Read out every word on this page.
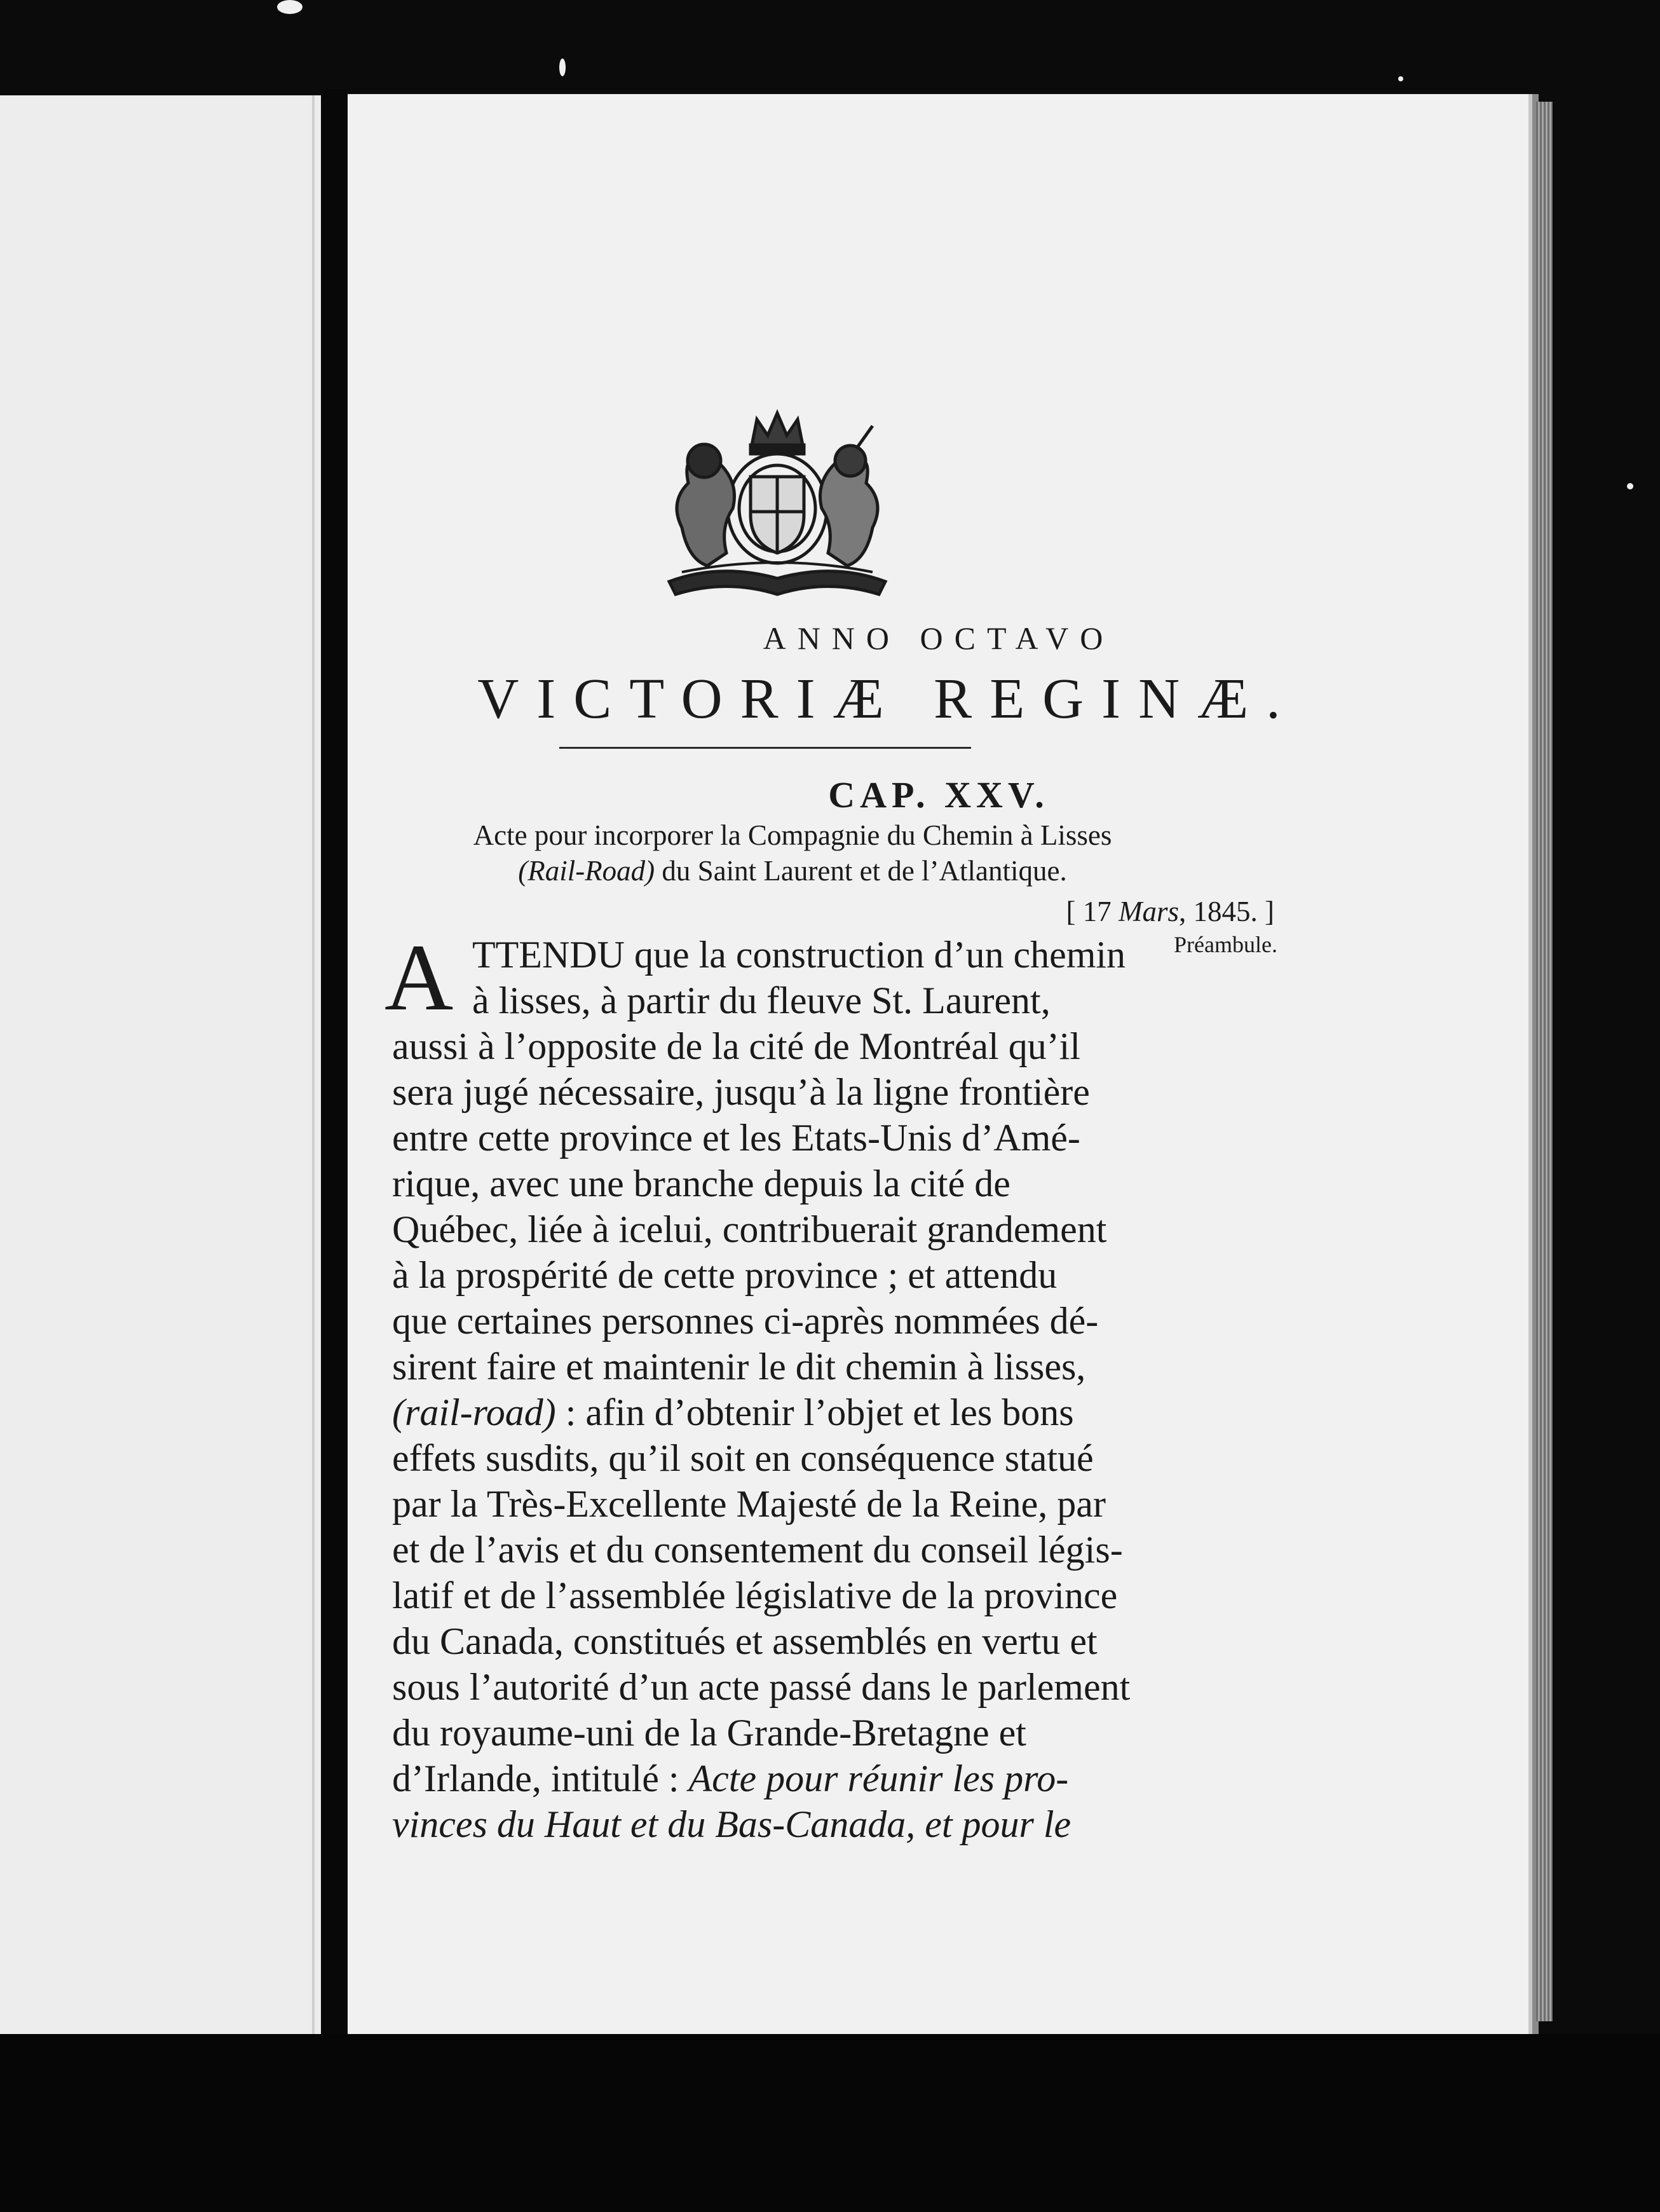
ANNO OCTAVO
VICTORIÆ REGINÆ.
CAP. XXV.
Acte pour incorporer la Compagnie du Chemin à Lisses
(Rail-Road) du Saint Laurent et de l’Atlantique.
[ 17 Mars, 1845. ]
Préambule.
A TTENDU que la construction d’un chemin
à lisses, à partir du fleuve St. Laurent,
aussi à l’opposite de la cité de Montréal qu’il
sera jugé nécessaire, jusqu’à la ligne frontière
entre cette province et les Etats-Unis d’Amé-
rique, avec une branche depuis la cité de
Québec, liée à icelui, contribuerait grandement
à la prospérité de cette province ; et attendu
que certaines personnes ci-après nommées dé-
sirent faire et maintenir le dit chemin à lisses,
(rail-road) : afin d’obtenir l’objet et les bons
effets susdits, qu’il soit en conséquence statué
par la Très-Excellente Majesté de la Reine, par
et de l’avis et du consentement du conseil légis-
latif et de l’assemblée législative de la province
du Canada, constitués et assemblés en vertu et
sous l’autorité d’un acte passé dans le parlement
du royaume-uni de la Grande-Bretagne et
d’Irlande, intitulé : Acte pour réunir les pro-
vinces du Haut et du Bas-Canada, et pour le
